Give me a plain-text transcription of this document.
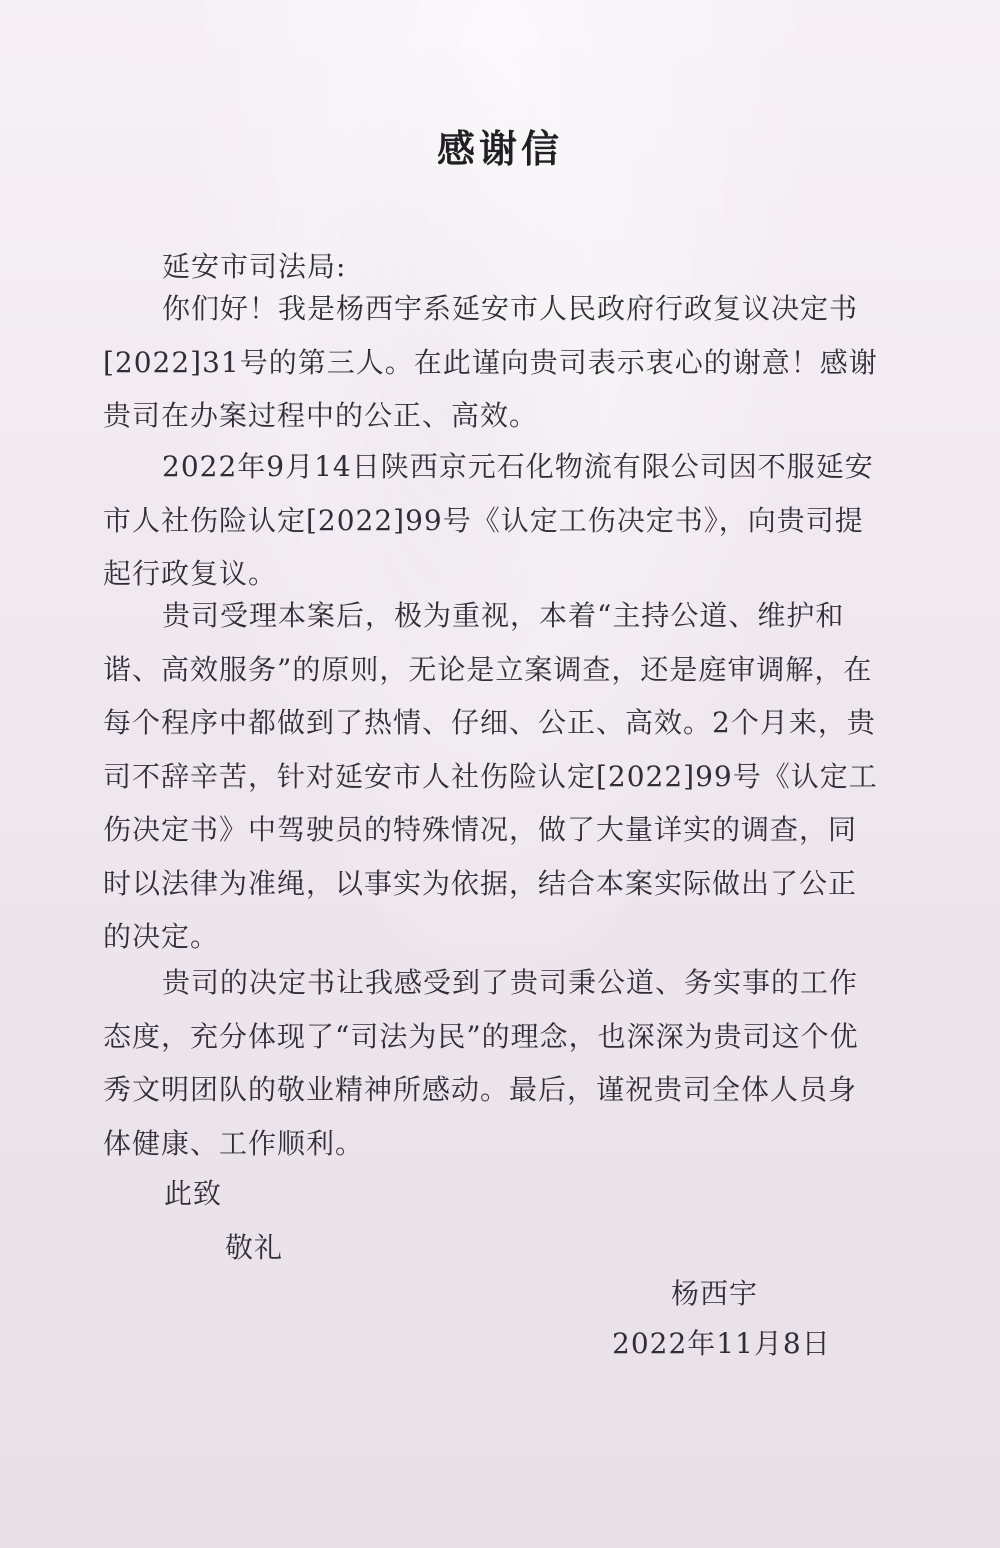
感谢信
延安市司法局:

你们好！我是杨西宇系延安市人民政府行政复议决定书[2022]31号的第三人。在此谨向贵司表示衷心的谢意！感谢贵司在办案过程中的公正、高效。

2022年9月14日陕西京元石化物流有限公司因不服延安市人社伤险认定[2022]99号《认定工伤决定书》，向贵司提起行政复议。

贵司受理本案后，极为重视，本着“主持公道、维护和谐、高效服务”的原则，无论是立案调查，还是庭审调解，在每个程序中都做到了热情、仔细、公正、高效。2个月来，贵司不辞辛苦，针对延安市人社伤险认定[2022]99号《认定工伤决定书》中驾驶员的特殊情况，做了大量详实的调查，同时以法律为准绳，以事实为依据，结合本案实际做出了公正的决定。

贵司的决定书让我感受到了贵司秉公道、务实事的工作态度，充分体现了“司法为民”的理念，也深深为贵司这个优秀文明团队的敬业精神所感动。最后，谨祝贵司全体人员身体健康、工作顺利。

此致
敬礼
杨西宇
2022年11月8日
